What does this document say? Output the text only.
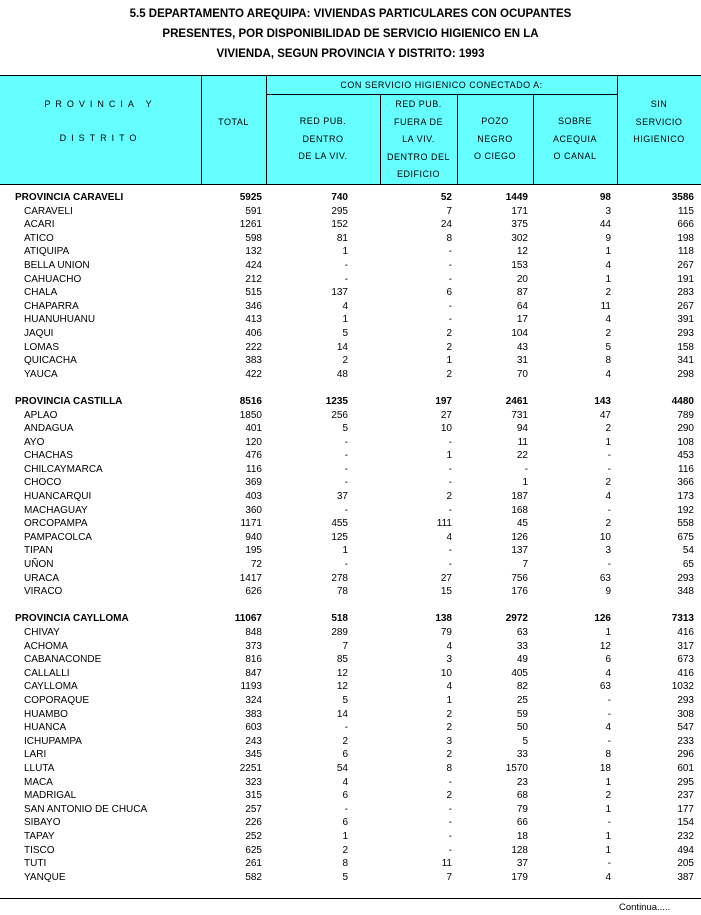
5.5 DEPARTAMENTO AREQUIPA: VIVIENDAS PARTICULARES CON OCUPANTES
PRESENTES, POR DISPONIBILIDAD DE SERVICIO HIGIENICO EN LA
VIVIENDA, SEGUN PROVINCIA Y DISTRITO: 1993
PROVINCIA Y
DISTRITO
TOTAL
CON SERVICIO HIGIENICO CONECTADO A:
RED PUB.
DENTRO
DE LA VIV.
RED PUB.
FUERA DE
LA VIV.
DENTRO DEL
EDIFICIO
POZO
NEGRO
O CIEGO
SOBRE
ACEQUIA
O CANAL
SIN
SERVICIO
HIGIENICO
PROVINCIA CARAVELI	5925	740	52	1449	98	3586
CARAVELI	591	295	7	171	3	115
ACARI	1261	152	24	375	44	666
ATICO	598	81	8	302	9	198
ATIQUIPA	132	1	-	12	1	118
BELLA UNION	424	-	-	153	4	267
CAHUACHO	212	-	-	20	1	191
CHALA	515	137	6	87	2	283
CHAPARRA	346	4	-	64	11	267
HUANUHUANU	413	1	-	17	4	391
JAQUI	406	5	2	104	2	293
LOMAS	222	14	2	43	5	158
QUICACHA	383	2	1	31	8	341
YAUCA	422	48	2	70	4	298
PROVINCIA CASTILLA	8516	1235	197	2461	143	4480
APLAO	1850	256	27	731	47	789
ANDAGUA	401	5	10	94	2	290
AYO	120	-	-	11	1	108
CHACHAS	476	-	1	22	-	453
CHILCAYMARCA	116	-	-	-	-	116
CHOCO	369	-	-	1	2	366
HUANCARQUI	403	37	2	187	4	173
MACHAGUAY	360	-	-	168	-	192
ORCOPAMPA	1171	455	111	45	2	558
PAMPACOLCA	940	125	4	126	10	675
TIPAN	195	1	-	137	3	54
UÑON	72	-	-	7	-	65
URACA	1417	278	27	756	63	293
VIRACO	626	78	15	176	9	348
PROVINCIA CAYLLOMA	11067	518	138	2972	126	7313
CHIVAY	848	289	79	63	1	416
ACHOMA	373	7	4	33	12	317
CABANACONDE	816	85	3	49	6	673
CALLALLI	847	12	10	405	4	416
CAYLLOMA	1193	12	4	82	63	1032
COPORAQUE	324	5	1	25	-	293
HUAMBO	383	14	2	59	-	308
HUANCA	603	-	2	50	4	547
ICHUPAMPA	243	2	3	5	-	233
LARI	345	6	2	33	8	296
LLUTA	2251	54	8	1570	18	601
MACA	323	4	-	23	1	295
MADRIGAL	315	6	2	68	2	237
SAN ANTONIO DE CHUCA	257	-	-	79	1	177
SIBAYO	226	6	-	66	-	154
TAPAY	252	1	-	18	1	232
TISCO	625	2	-	128	1	494
TUTI	261	8	11	37	-	205
YANQUE	582	5	7	179	4	387
Continua.....
